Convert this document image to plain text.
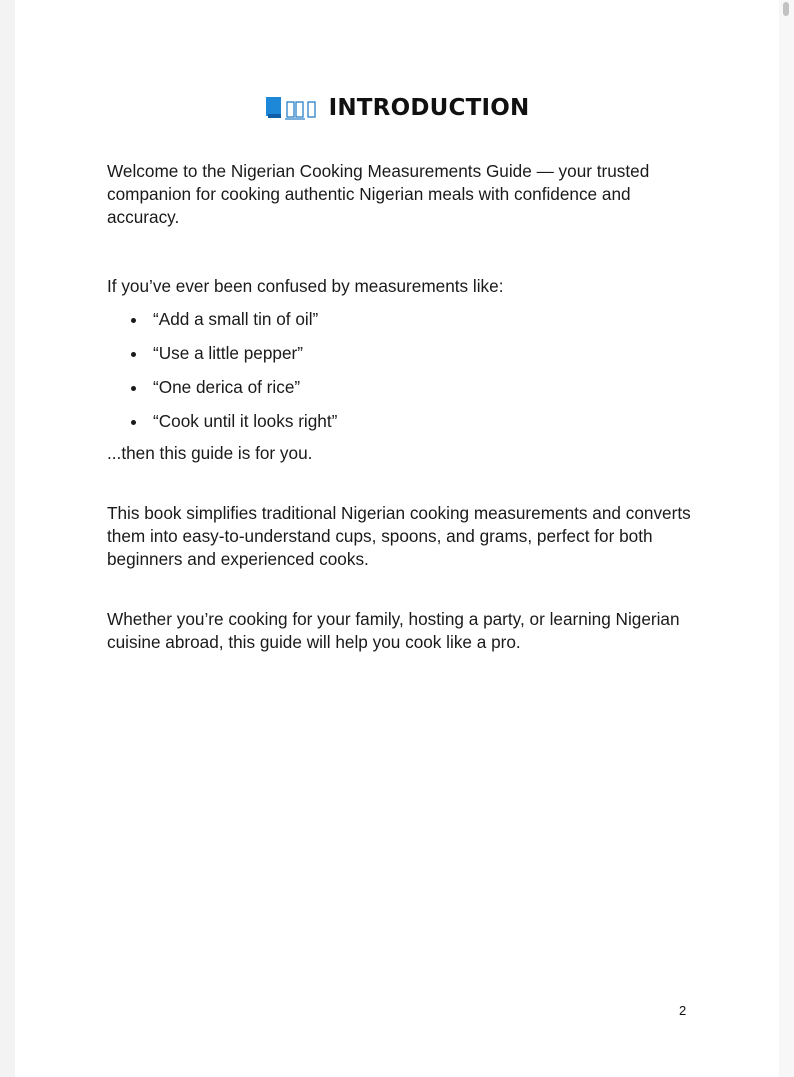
INTRODUCTION

Welcome to the Nigerian Cooking Measurements Guide — your trusted companion for cooking authentic Nigerian meals with confidence and accuracy.

If you’ve ever been confused by measurements like:

“Add a small tin of oil”
“Use a little pepper”
“One derica of rice”
“Cook until it looks right”

...then this guide is for you.

This book simplifies traditional Nigerian cooking measurements and converts them into easy-to-understand cups, spoons, and grams, perfect for both beginners and experienced cooks.

Whether you’re cooking for your family, hosting a party, or learning Nigerian cuisine abroad, this guide will help you cook like a pro.

2
